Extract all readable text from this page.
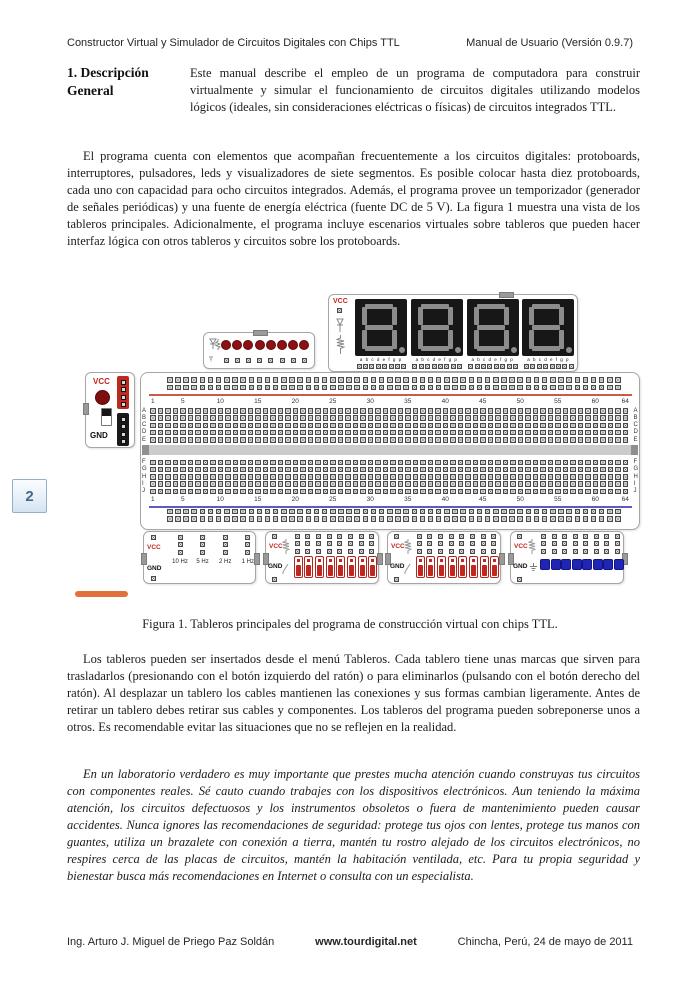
Constructor Virtual y Simulador de Circuitos Digitales con Chips TTL	Manual de Usuario (Versión 0.9.7)
2
1. Descripción General

Este manual describe el empleo de un programa de computadora para construir virtualmente y simular el funcionamiento de circuitos digitales utilizando modelos lógicos (ideales, sin consideraciones eléctricas o físicas) de circuitos integrados TTL.

El programa cuenta con elementos que acompañan frecuentemente a los circuitos digitales: protoboards, interruptores, pulsadores, leds y visualizadores de siete segmentos. Es posible colocar hasta diez protoboards, cada uno con capacidad para ocho circuitos integrados. Además, el programa provee un temporizador (generador de señales periódicas) y una fuente de energía eléctrica (fuente DC de 5 V). La figura 1 muestra una vista de los tableros principales. Adicionalmente, el programa incluye escenarios virtuales sobre tableros que pueden hacer interfaz lógica con otros tableros y circuitos sobre los protoboards.

VCC
a b c d e f g p	a b c d e f g p	a b c d e f g p	a b c d e f g p
VCC
GND
1
1
5
5
10
10
15
15
20
20
25
25
30
30
35
35
40
40
45
45
50
50
55
55
60
60
64
64
A	A
B	B
C	C
D	D
E	E
F	F
G	G
H	H
I	I
J	J
VCC
GND
10 Hz	5 Hz	2 Hz	1 Hz
VCC
GND
VCC
GND
VCC
GND
Figura 1. Tableros principales del programa de construcción virtual con chips TTL.

Los tableros pueden ser insertados desde el menú Tableros. Cada tablero tiene unas marcas que sirven para trasladarlos (presionando con el botón izquierdo del ratón) o para eliminarlos (pulsando con el botón derecho del ratón). Al desplazar un tablero los cables mantienen las conexiones y sus formas cambian ligeramente. Antes de retirar un tablero debes retirar sus cables y componentes. Los tableros del programa pueden sobreponerse unos a otros. Es recomendable evitar las situaciones que no se reflejen en la realidad.

En un laboratorio verdadero es muy importante que prestes mucha atención cuando construyas tus circuitos con componentes reales. Sé cauto cuando trabajes con los dispositivos electrónicos. Aun teniendo la máxima atención, los circuitos defectuosos y los instrumentos obsoletos o fuera de mantenimiento pueden causar accidentes. Nunca ignores las recomendaciones de seguridad: protege tus ojos con lentes, protege tus manos con guantes, utiliza un brazalete con conexión a tierra, mantén tu rostro alejado de los circuitos electrónicos, no respires cerca de las placas de circuitos, mantén la habitación ventilada, etc. Para tu propia seguridad y bienestar busca más recomendaciones en Internet o consulta con un especialista.

Ing. Arturo J. Miguel de Priego Paz Soldán	www.tourdigital.net	Chincha, Perú, 24 de mayo de 2011
